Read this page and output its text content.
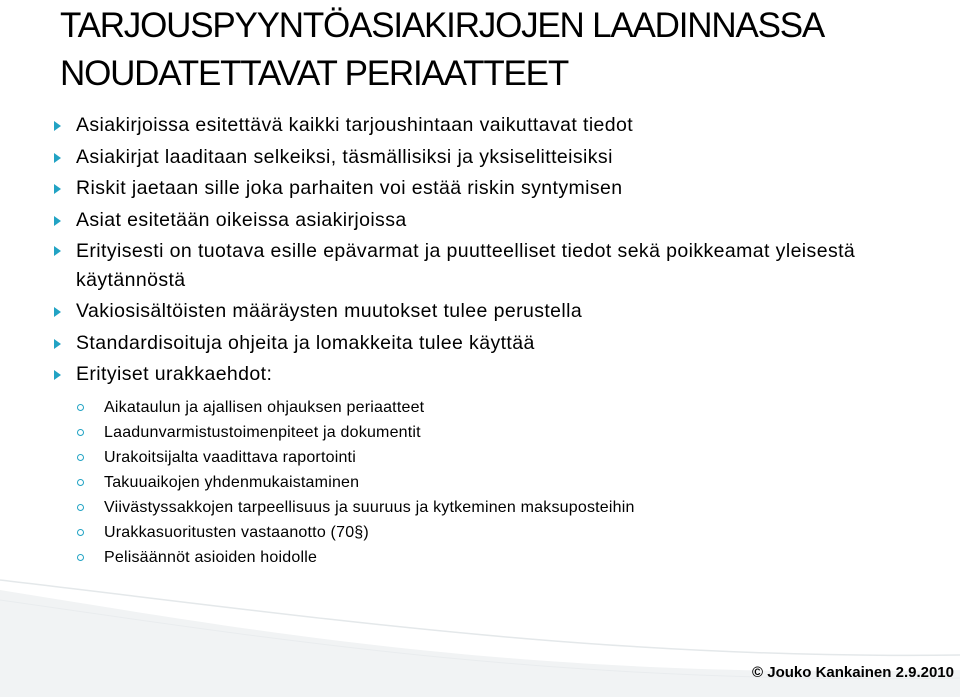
TARJOUSPYYNTÖASIAKIRJOJEN LAADINNASSA NOUDATETTAVAT PERIAATTEET
Asiakirjoissa esitettävä kaikki tarjoushintaan vaikuttavat tiedot
Asiakirjat laaditaan selkeiksi, täsmällisiksi ja yksiselitteisiksi
Riskit jaetaan sille joka parhaiten voi estää riskin syntymisen
Asiat esitetään oikeissa asiakirjoissa
Erityisesti on tuotava esille epävarmat ja puutteelliset tiedot sekä poikkeamat yleisestä käytännöstä
Vakiosisältöisten määräysten muutokset tulee perustella
Standardisoituja ohjeita ja lomakkeita tulee käyttää
Erityiset urakkaehdot:
Aikataulun ja ajallisen ohjauksen periaatteet
Laadunvarmistustoimenpiteet ja dokumentit
Urakoitsijalta vaadittava raportointi
Takuuaikojen yhdenmukaistaminen
Viivästyssakkojen tarpeellisuus ja suuruus ja kytkeminen maksuposteihin
Urakkasuoritusten vastaanotto (70§)
Pelisäännöt asioiden hoidolle
© Jouko Kankainen 2.9.2010
